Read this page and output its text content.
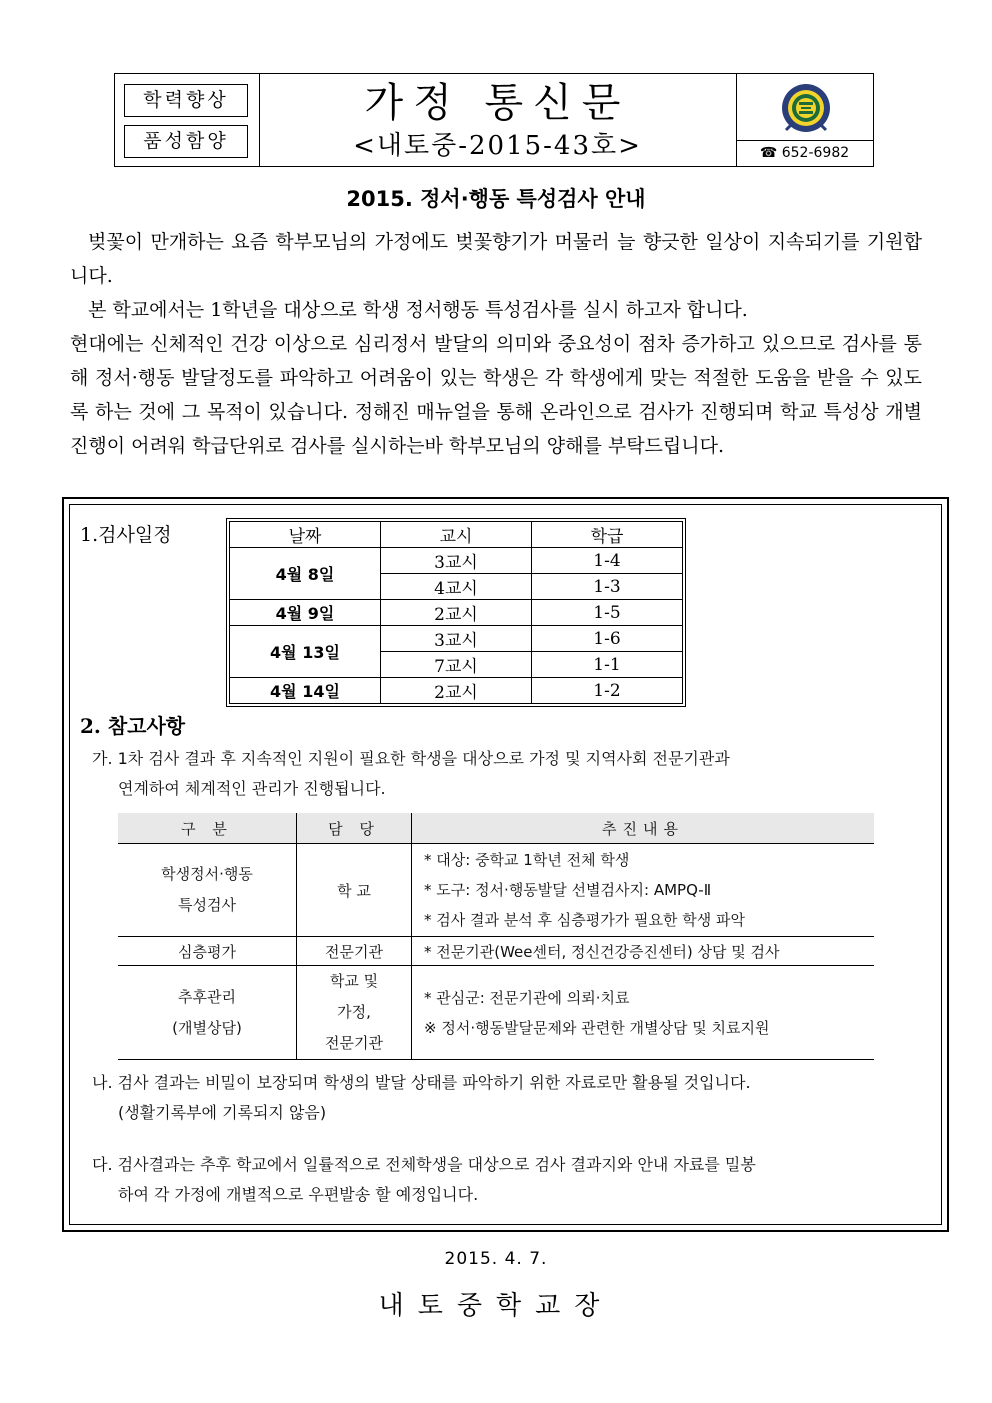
학력향상
품성함양
가정 통신문
<내토중-2015-43호>	☎ 652-6982
2015. 정서·행동 특성검사 안내

벚꽃이 만개하는 요즘 학부모님의 가정에도 벚꽃향기가 머물러 늘 향긋한 일상이 지속되기를 기원합니다.

본 학교에서는 1학년을 대상으로 학생 정서행동 특성검사를 실시 하고자 합니다.

현대에는 신체적인 건강 이상으로 심리정서 발달의 의미와 중요성이 점차 증가하고 있으므로 검사를 통해 정서·행동 발달정도를 파악하고 어려움이 있는 학생은 각 학생에게 맞는 적절한 도움을 받을 수 있도록 하는 것에 그 목적이 있습니다. 정해진 매뉴얼을 통해 온라인으로 검사가 진행되며 학교 특성상 개별 진행이 어려워 학급단위로 검사를 실시하는바 학부모님의 양해를 부탁드립니다.

1.검사일정	날짜	교시	학급
4월 8일	3교시	1-4
	4교시	1-3
4월 9일	2교시	1-5
4월 13일	3교시	1-6
	7교시	1-1
4월 14일	2교시	1-2
2. 참고사항
가. 1차 검사 결과 후 지속적인 지원이 필요한 학생을 대상으로 가정 및 지역사회 전문기관과
연계하여 체계적인 관리가 진행됩니다.
구 분	담 당	추진내용

학생정서·행동
특성검사	학 교	* 대상: 중학교 1학년 전체 학생
* 도구: 정서·행동발달 선별검사지: AMPQ-Ⅱ
* 검사 결과 분석 후 심층평가가 필요한 학생 파악

심층평가	전문기관	* 전문기관(Wee센터, 정신건강증진센터) 상담 및 검사

추후관리
(개별상담)	학교 및
가정,
전문기관	* 관심군: 전문기관에 의뢰·치료
※ 정서·행동발달문제와 관련한 개별상담 및 치료지원
나. 검사 결과는 비밀이 보장되며 학생의 발달 상태를 파악하기 위한 자료로만 활용될 것입니다.
(생활기록부에 기록되지 않음)
다. 검사결과는 추후 학교에서 일률적으로 전체학생을 대상으로 검사 결과지와 안내 자료를 밀봉
하여 각 가정에 개별적으로 우편발송 할 예정입니다.
2015. 4. 7.
내토중학교장
